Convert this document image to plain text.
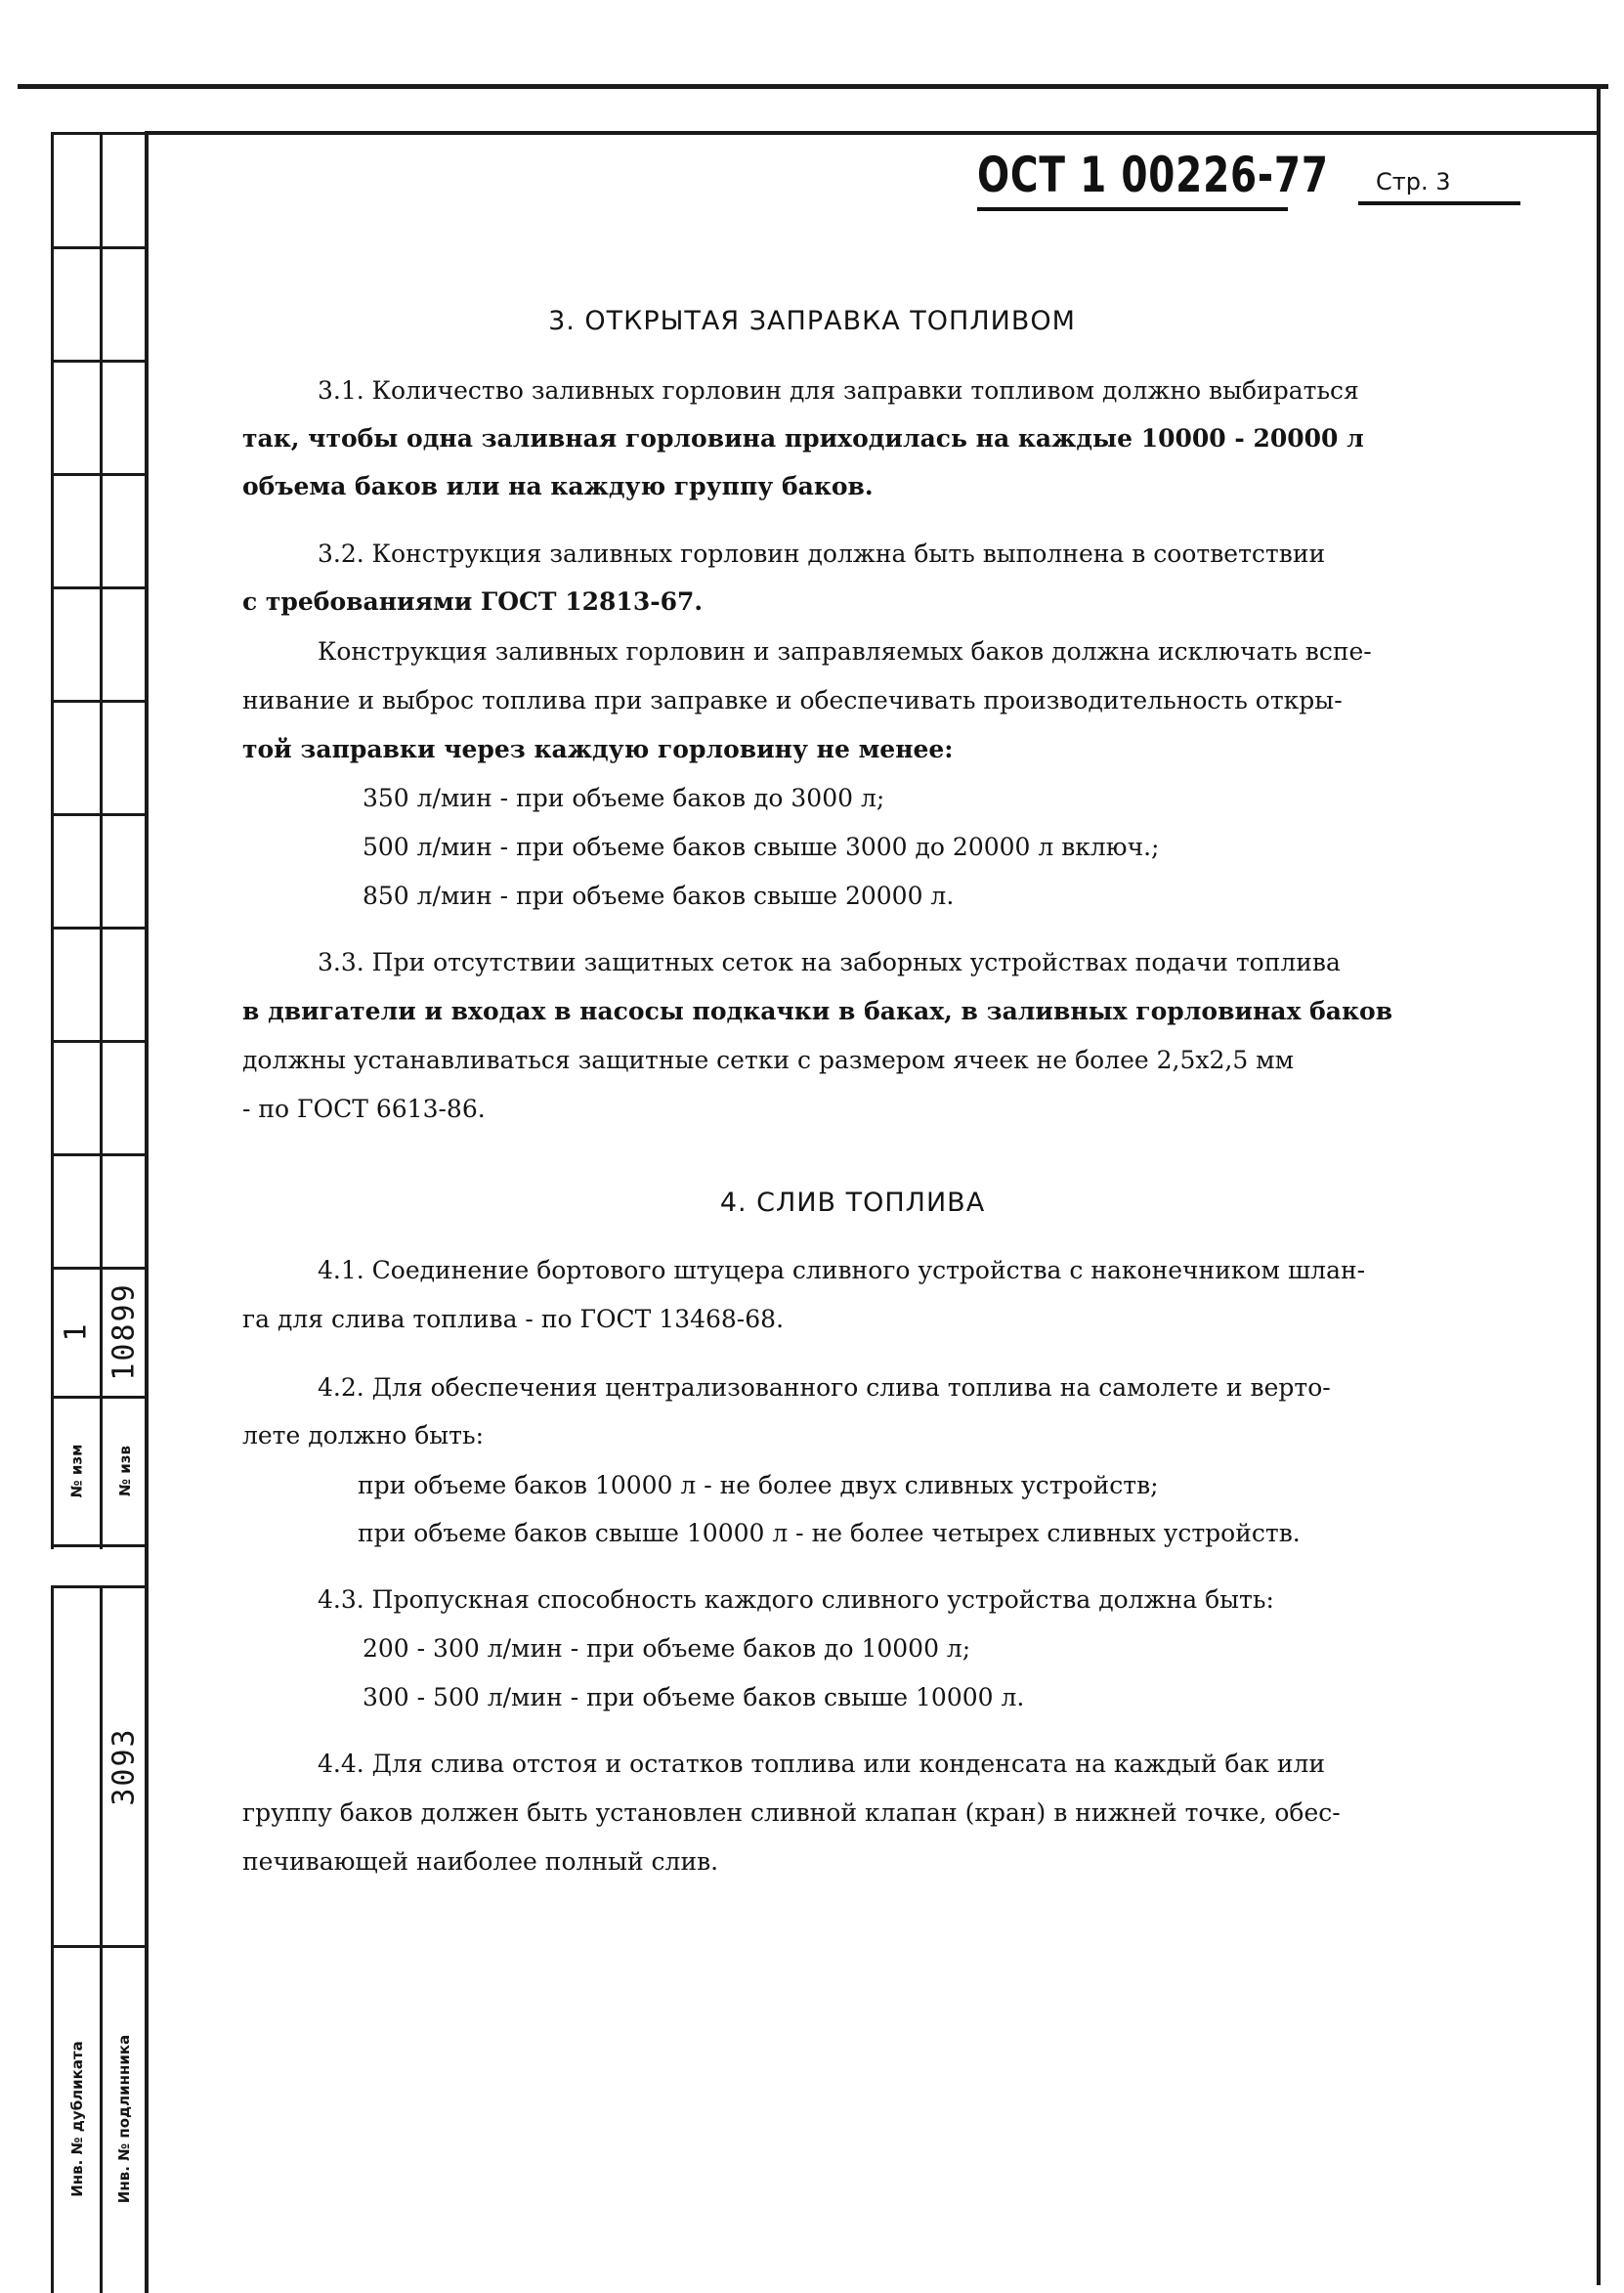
1 10899
№ изм № изв
3093
Инв. № дубликата Инв. № подлинника
ОСТ 1 00226-77 Стр. 3
3. ОТКРЫТАЯ ЗАПРАВКА ТОПЛИВОМ
3.1. Количество заливных горловин для заправки топливом должно выбираться
так, чтобы одна заливная горловина приходилась на каждые 10000 - 20000 л
объема баков или на каждую группу баков.
3.2. Конструкция заливных горловин должна быть выполнена в соответствии
с требованиями ГОСТ 12813-67.
Конструкция заливных горловин и заправляемых баков должна исключать вспе-
нивание и выброс топлива при заправке и обеспечивать производительность откры-
той заправки через каждую горловину не менее:
350 л/мин - при объеме баков до 3000 л;
500 л/мин - при объеме баков свыше 3000 до 20000 л включ.;
850 л/мин - при объеме баков свыше 20000 л.
3.3. При отсутствии защитных сеток на заборных устройствах подачи топлива
в двигатели и входах в насосы подкачки в баках, в заливных горловинах баков
должны устанавливаться защитные сетки с размером ячеек не более 2,5х2,5 мм
- по ГОСТ 6613-86.
4. СЛИВ ТОПЛИВА
4.1. Соединение бортового штуцера сливного устройства с наконечником шлан-
га для слива топлива - по ГОСТ 13468-68.
4.2. Для обеспечения централизованного слива топлива на самолете и верто-
лете должно быть:
при объеме баков 10000 л - не более двух сливных устройств;
при объеме баков свыше 10000 л - не более четырех сливных устройств.
4.3. Пропускная способность каждого сливного устройства должна быть:
200 - 300 л/мин - при объеме баков до 10000 л;
300 - 500 л/мин - при объеме баков свыше 10000 л.
4.4. Для слива отстоя и остатков топлива или конденсата на каждый бак или
группу баков должен быть установлен сливной клапан (кран) в нижней точке, обес-
печивающей наиболее полный слив.
